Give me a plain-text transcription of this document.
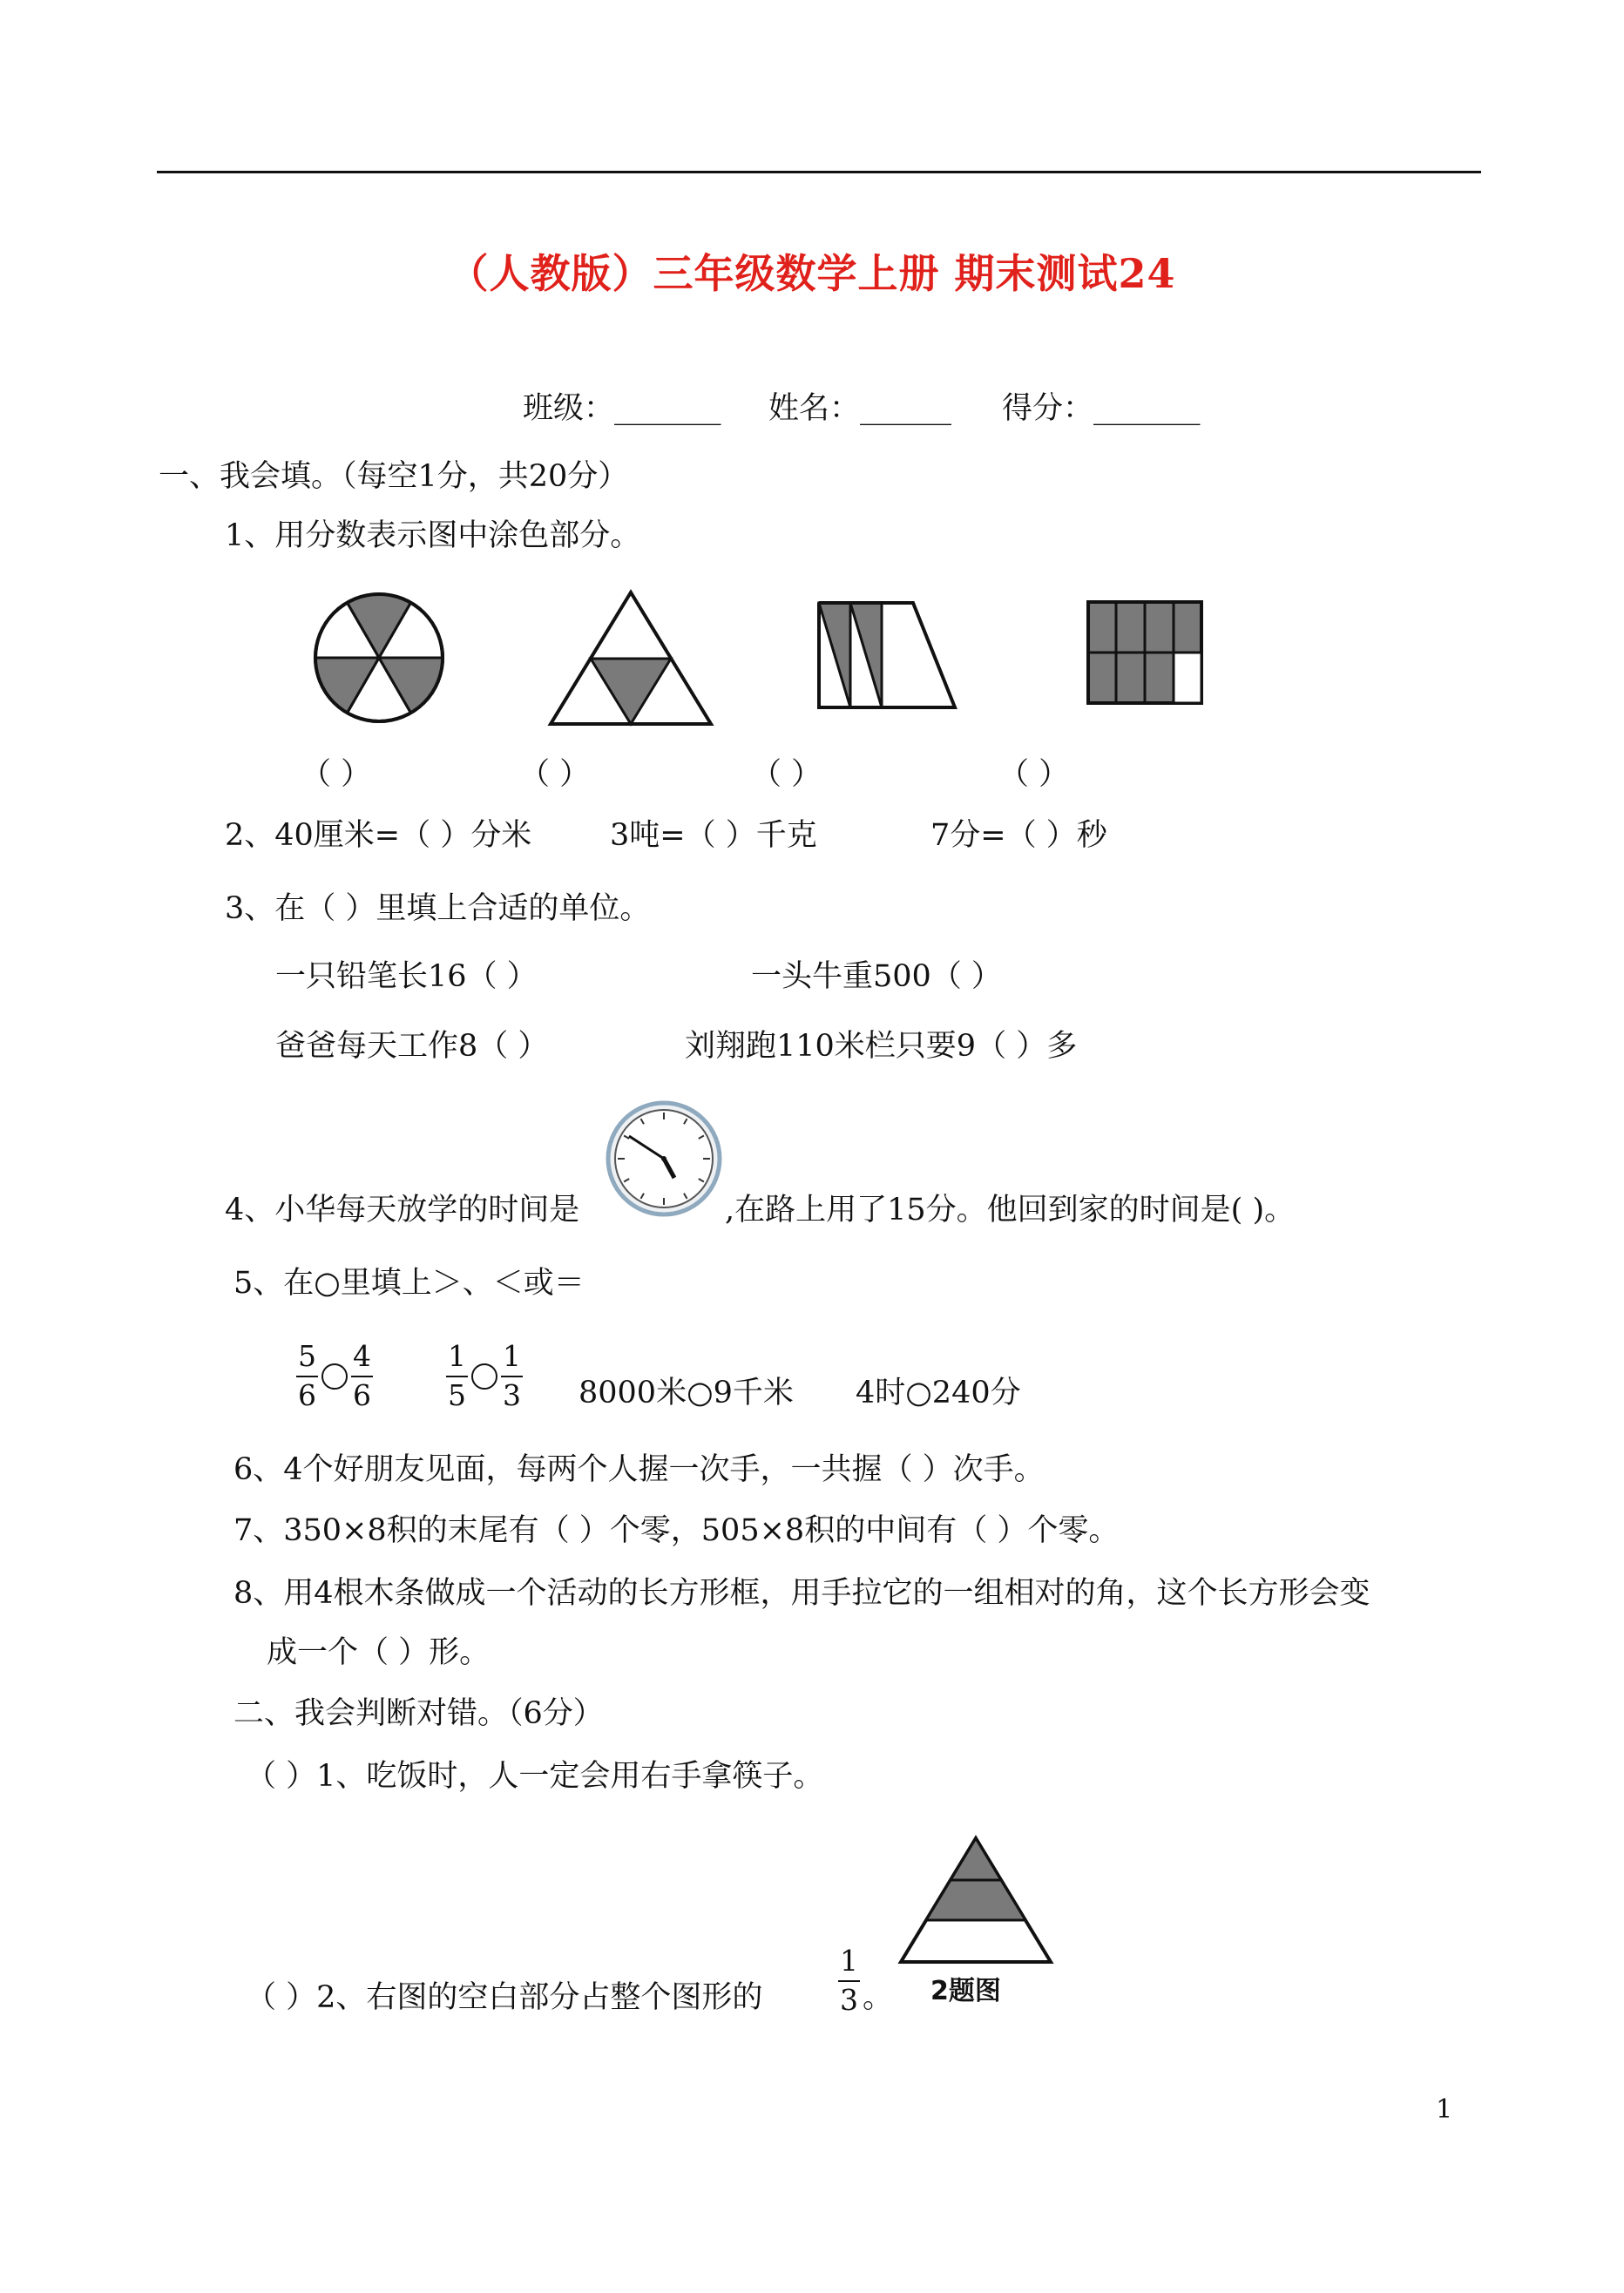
（人教版）三年级数学上册 期末测试24
班级：_______ 姓名：______ 得分：_______
一、我会填。（每空1分，共20分）
1、用分数表示图中涂色部分。
（ ）	（ ）	（ ）	（ ）
2、40厘米=（ ）分米	3吨=（ ）千克	7分=（ ）秒
3、在（ ）里填上合适的单位。
一只铅笔长16（ ）	一头牛重500（ ）
爸爸每天工作8（ ）	刘翔跑110米栏只要9（ ）多
4、小华每天放学的时间是	,在路上用了15分。他回到家的时间是( )。
5、在○里填上＞、＜或＝
$\frac{5}{6} \frac{4}{6}$	$\frac{1}{5} \frac{1}{3} 8000$米○9千米 4时○240分
6、4个好朋友见面，每两个人握一次手，一共握（ ）次手。
7、350×8积的末尾有（ ）个零，505×8积的中间有（ ）个零。
8、用4根木条做成一个活动的长方形框，用手拉它的一组相对的角，这个长方形会变
成一个（ ）形。
二、我会判断对错。（6分）
（ ）1、吃饭时，人一定会用右手拿筷子。
（ ）2、右图的空白部分占整个图形的	$\frac{1}{3}$ 。 2题图
1
